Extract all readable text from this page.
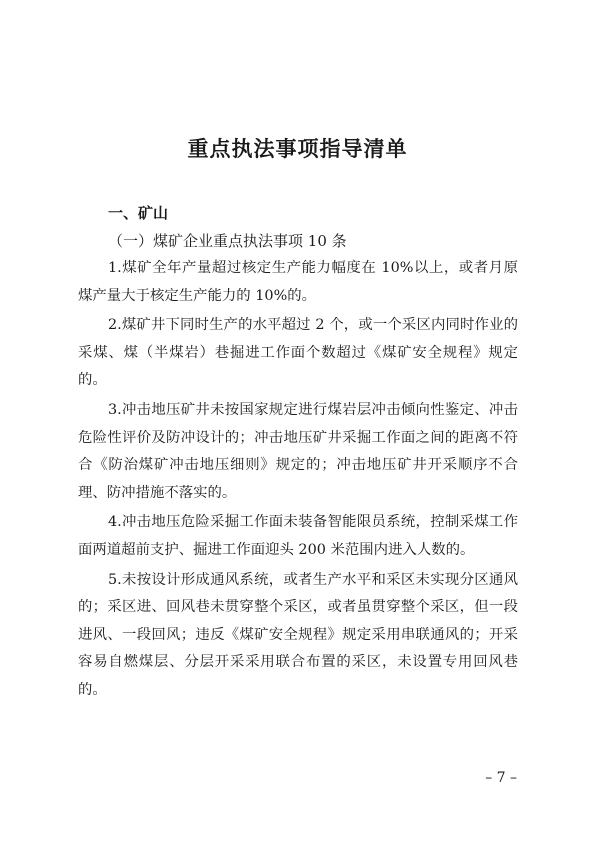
重点执法事项指导清单

一、矿山

（一）煤矿企业重点执法事项 10 条

1.煤矿全年产量超过核定生产能力幅度在 10%以上，或者月原煤产量大于核定生产能力的 10%的。

2.煤矿井下同时生产的水平超过 2 个，或一个采区内同时作业的采煤、煤（半煤岩）巷掘进工作面个数超过《煤矿安全规程》规定的。

3.冲击地压矿井未按国家规定进行煤岩层冲击倾向性鉴定、冲击危险性评价及防冲设计的；冲击地压矿井采掘工作面之间的距离不符合《防治煤矿冲击地压细则》规定的；冲击地压矿井开采顺序不合理、防冲措施不落实的。

4.冲击地压危险采掘工作面未装备智能限员系统，控制采煤工作面两道超前支护、掘进工作面迎头 200 米范围内进入人数的。

5.未按设计形成通风系统，或者生产水平和采区未实现分区通风的；采区进、回风巷未贯穿整个采区，或者虽贯穿整个采区，但一段进风、一段回风；违反《煤矿安全规程》规定采用串联通风的；开采容易自燃煤层、分层开采采用联合布置的采区，未设置专用回风巷的。

– 7 –
